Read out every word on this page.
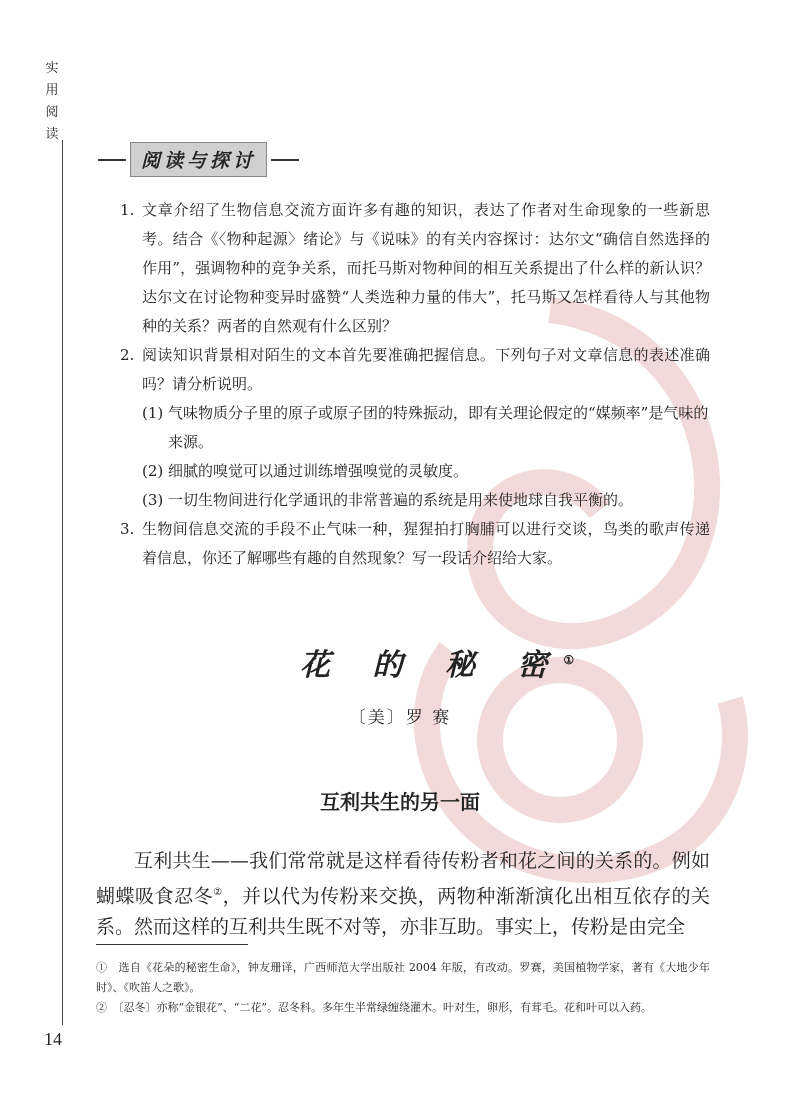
实
用
阅
读
14
阅读与探讨
1. 文章介绍了生物信息交流方面许多有趣的知识，表达了作者对生命现象的一些新思考。结合《〈物种起源〉绪论》与《说味》的有关内容探讨：达尔文“确信自然选择的作用”，强调物种的竞争关系，而托马斯对物种间的相互关系提出了什么样的新认识？达尔文在讨论物种变异时盛赞“人类选种力量的伟大”，托马斯又怎样看待人与其他物种的关系？两者的自然观有什么区别？
2. 阅读知识背景相对陌生的文本首先要准确把握信息。下列句子对文章信息的表述准确吗？请分析说明。
(1) 气味物质分子里的原子或原子团的特殊振动，即有关理论假定的“媒频率”是气味的来源。
(2) 细腻的嗅觉可以通过训练增强嗅觉的灵敏度。
(3) 一切生物间进行化学通讯的非常普遍的系统是用来使地球自我平衡的。
3. 生物间信息交流的手段不止气味一种，猩猩拍打胸脯可以进行交谈，鸟类的歌声传递着信息，你还了解哪些有趣的自然现象？写一段话介绍给大家。
花 的 秘 密①
〔美〕罗 赛
互利共生的另一面
互利共生——我们常常就是这样看待传粉者和花之间的关系的。例如蝴蝶吸食忍冬②，并以代为传粉来交换，两物种渐渐演化出相互依存的关系。然而这样的互利共生既不对等，亦非互助。事实上，传粉是由完全
①　选自《花朵的秘密生命》，钟友珊译，广西师范大学出版社 2004 年版，有改动。罗赛，美国植物学家，著有《大地少年时》、《吹笛人之歌》。
②　〔忍冬〕亦称“金银花”、“二花”。忍冬科。多年生半常绿缠绕灌木。叶对生，卵形，有茸毛。花和叶可以入药。
